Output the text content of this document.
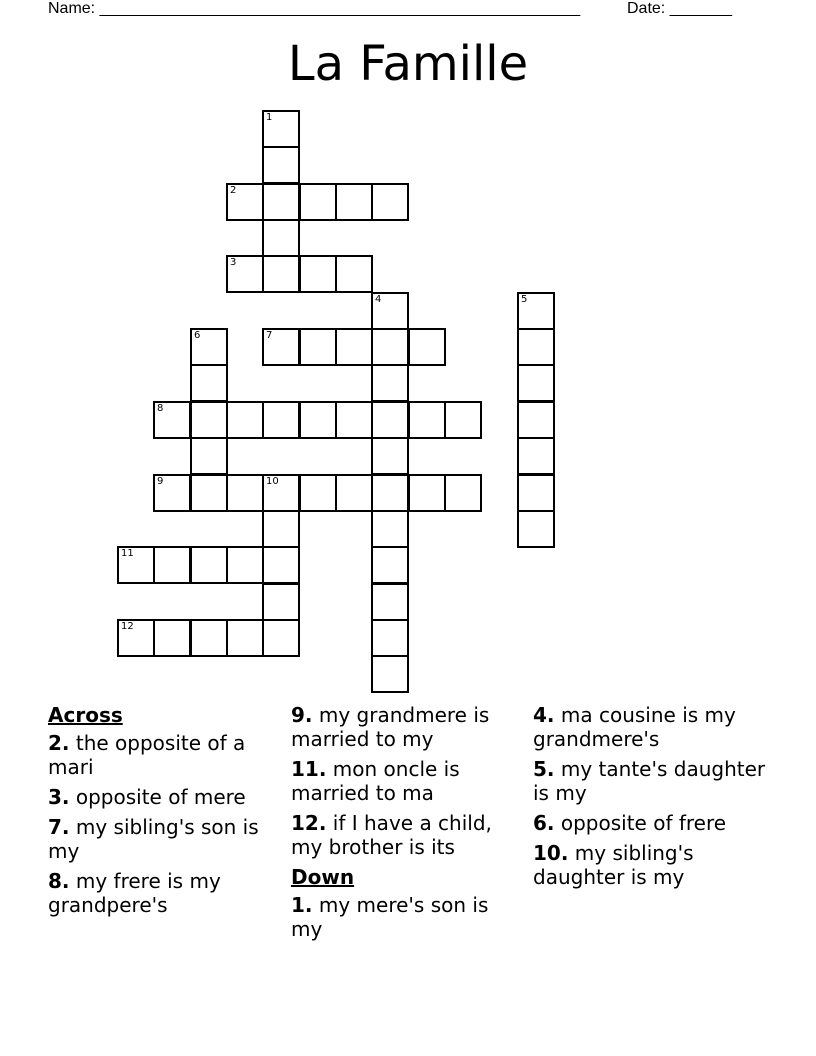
Name: ______________________________________________________	Date: _______
La Famille
1
4	5
6
10
2
3
7
8
9
11
12
Across
2. the opposite of a mari
3. opposite of mere
7. my sibling's son is my
8. my frere is my grandpere's
9. my grandmere is married to my
11. mon oncle is married to ma
12. if I have a child, my brother is its
Down
1. my mere's son is my
4. ma cousine is my grandmere's
5. my tante's daughter is my
6. opposite of frere
10. my sibling's daughter is my
